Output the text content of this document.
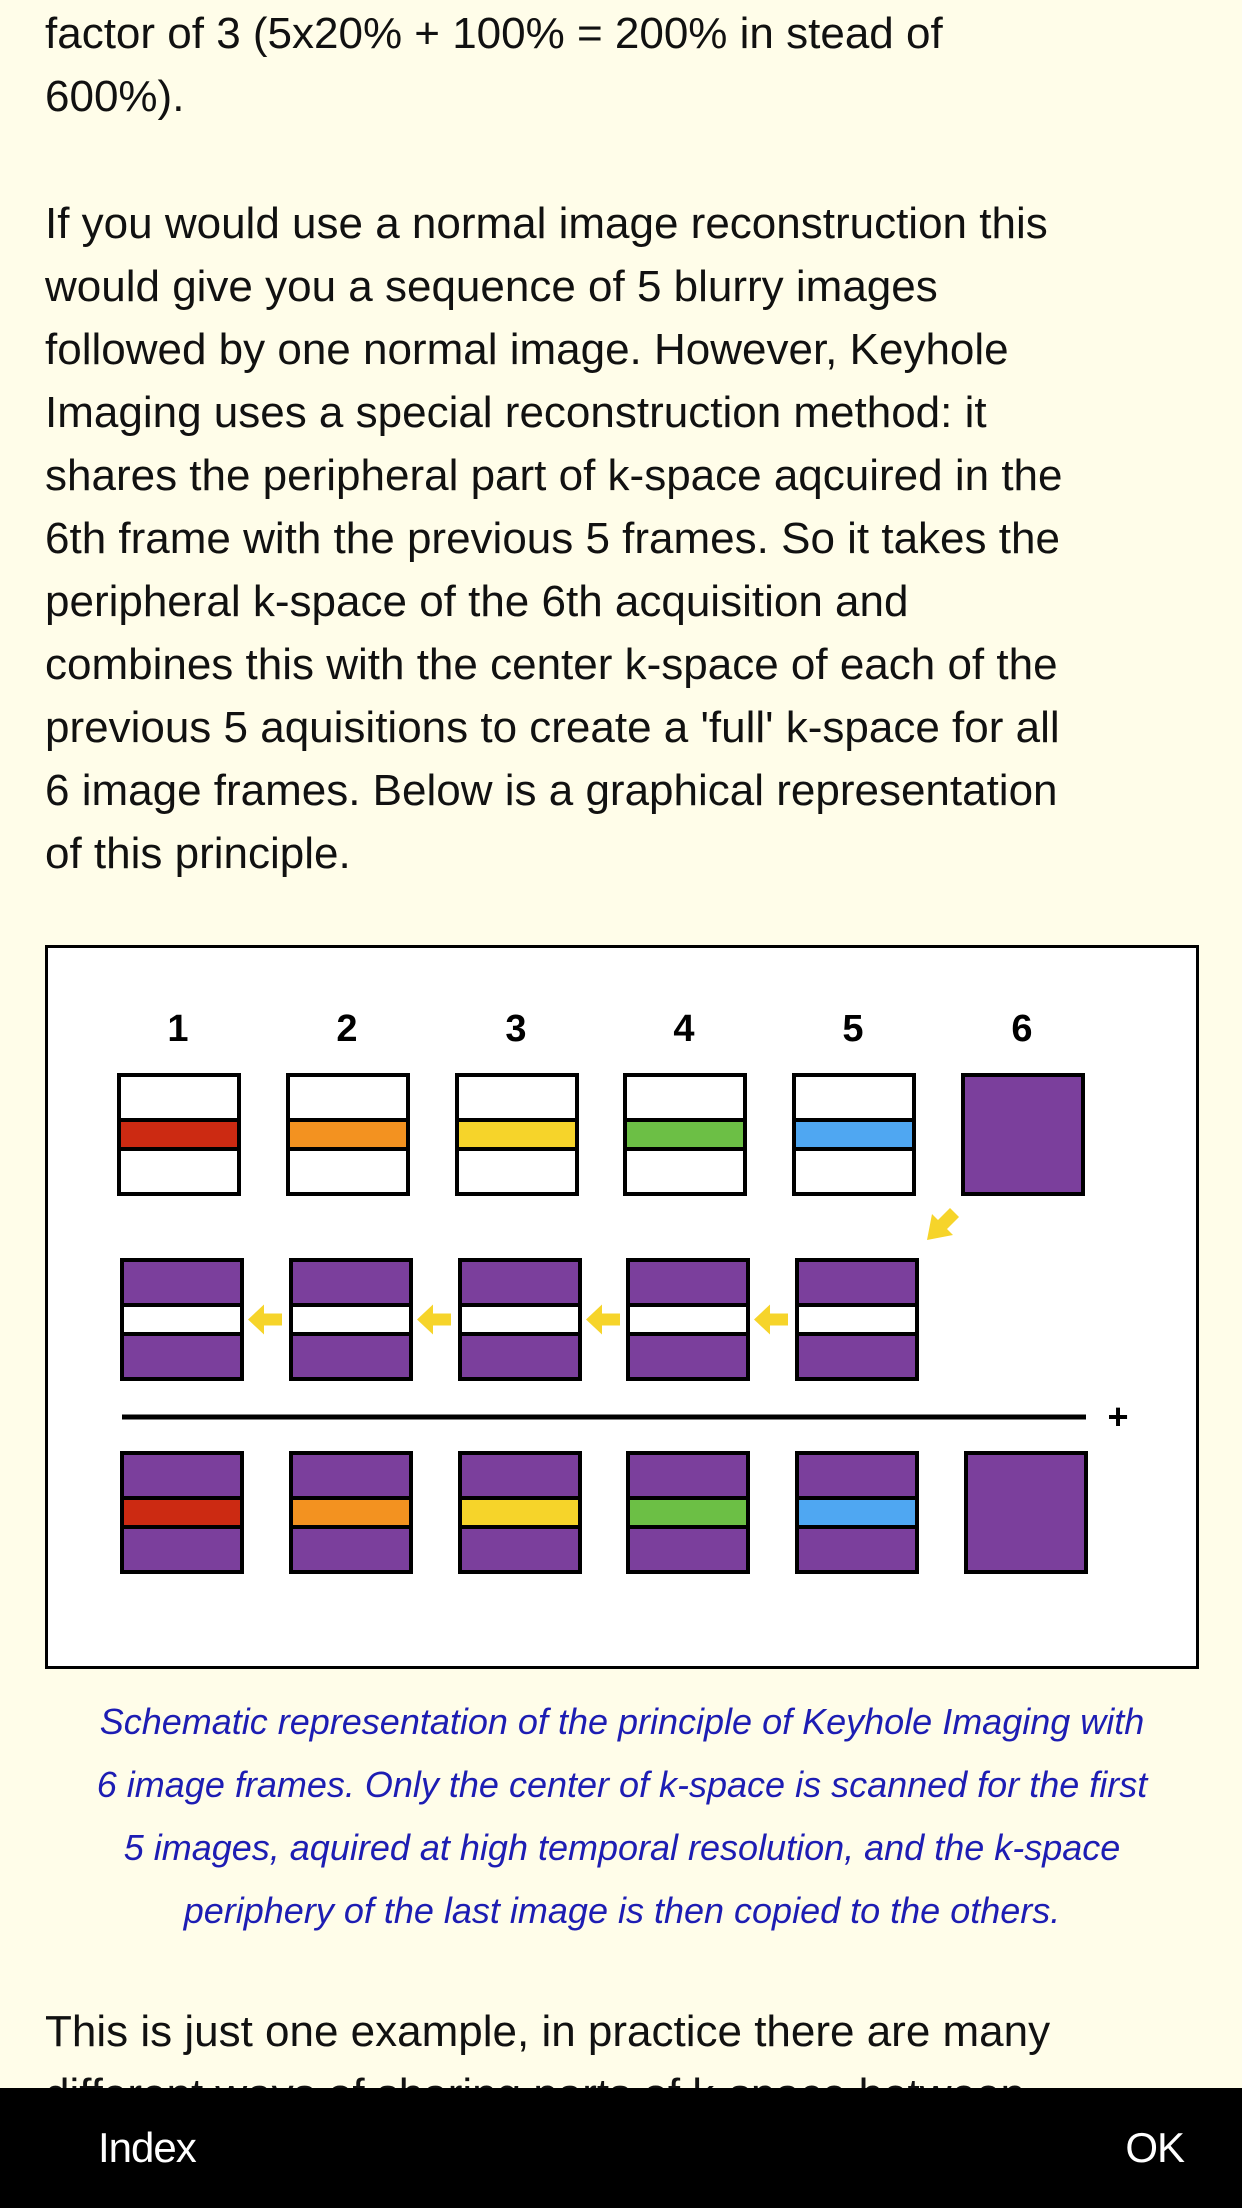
factor of 3 (5x20% + 100% = 200% in stead of
600%).

If you would use a normal image reconstruction this
would give you a sequence of 5 blurry images
followed by one normal image. However, Keyhole
Imaging uses a special reconstruction method: it
shares the peripheral part of k-space aqcuired in the
6th frame with the previous 5 frames. So it takes the
peripheral k-space of the 6th acquisition and
combines this with the center k-space of each of the
previous 5 aquisitions to create a 'full' k-space for all
6 image frames. Below is a graphical representation
of this principle.

1	2	3	4	5	6
+

Schematic representation of the principle of Keyhole Imaging with
6 image frames. Only the center of k-space is scanned for the first
5 images, aquired at high temporal resolution, and the k-space
periphery of the last image is then copied to the others.

This is just one example, in practice there are many

Index	OK
